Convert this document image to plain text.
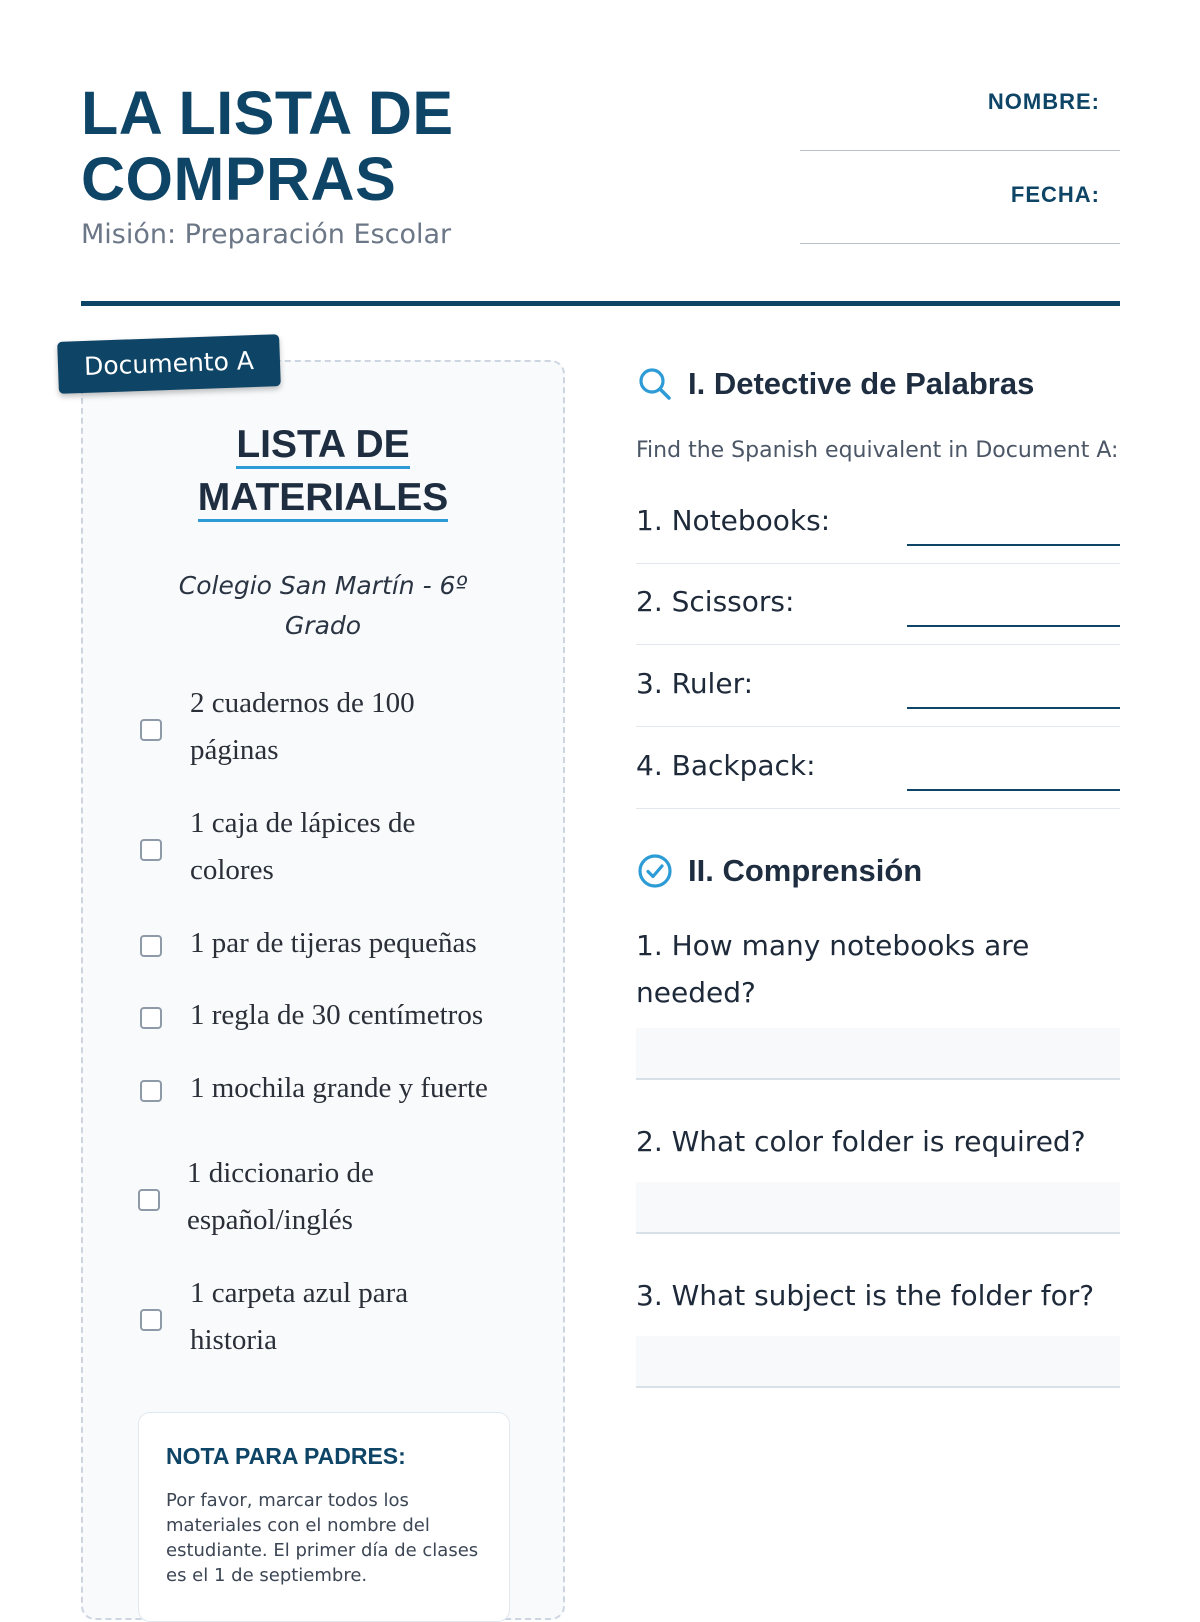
LA LISTA DE
COMPRAS
Misión: Preparación Escolar
NOMBRE:
FECHA:
Documento A
LISTA DE
MATERIALES
Colegio San Martín - 6º
Grado
2 cuadernos de 100
páginas
1 caja de lápices de
colores
1 par de tijeras pequeñas
1 regla de 30 centímetros
1 mochila grande y fuerte
1 diccionario de
español/inglés
1 carpeta azul para
historia
NOTA PARA PADRES:
Por favor, marcar todos los materiales con el nombre del estudiante. El primer día de clases es el 1 de septiembre.
I. Detective de Palabras
Find the Spanish equivalent in Document A:
1. Notebooks:
2. Scissors:
3. Ruler:
4. Backpack:
II. Comprensión
1. How many notebooks are
needed?
2. What color folder is required?
3. What subject is the folder for?
